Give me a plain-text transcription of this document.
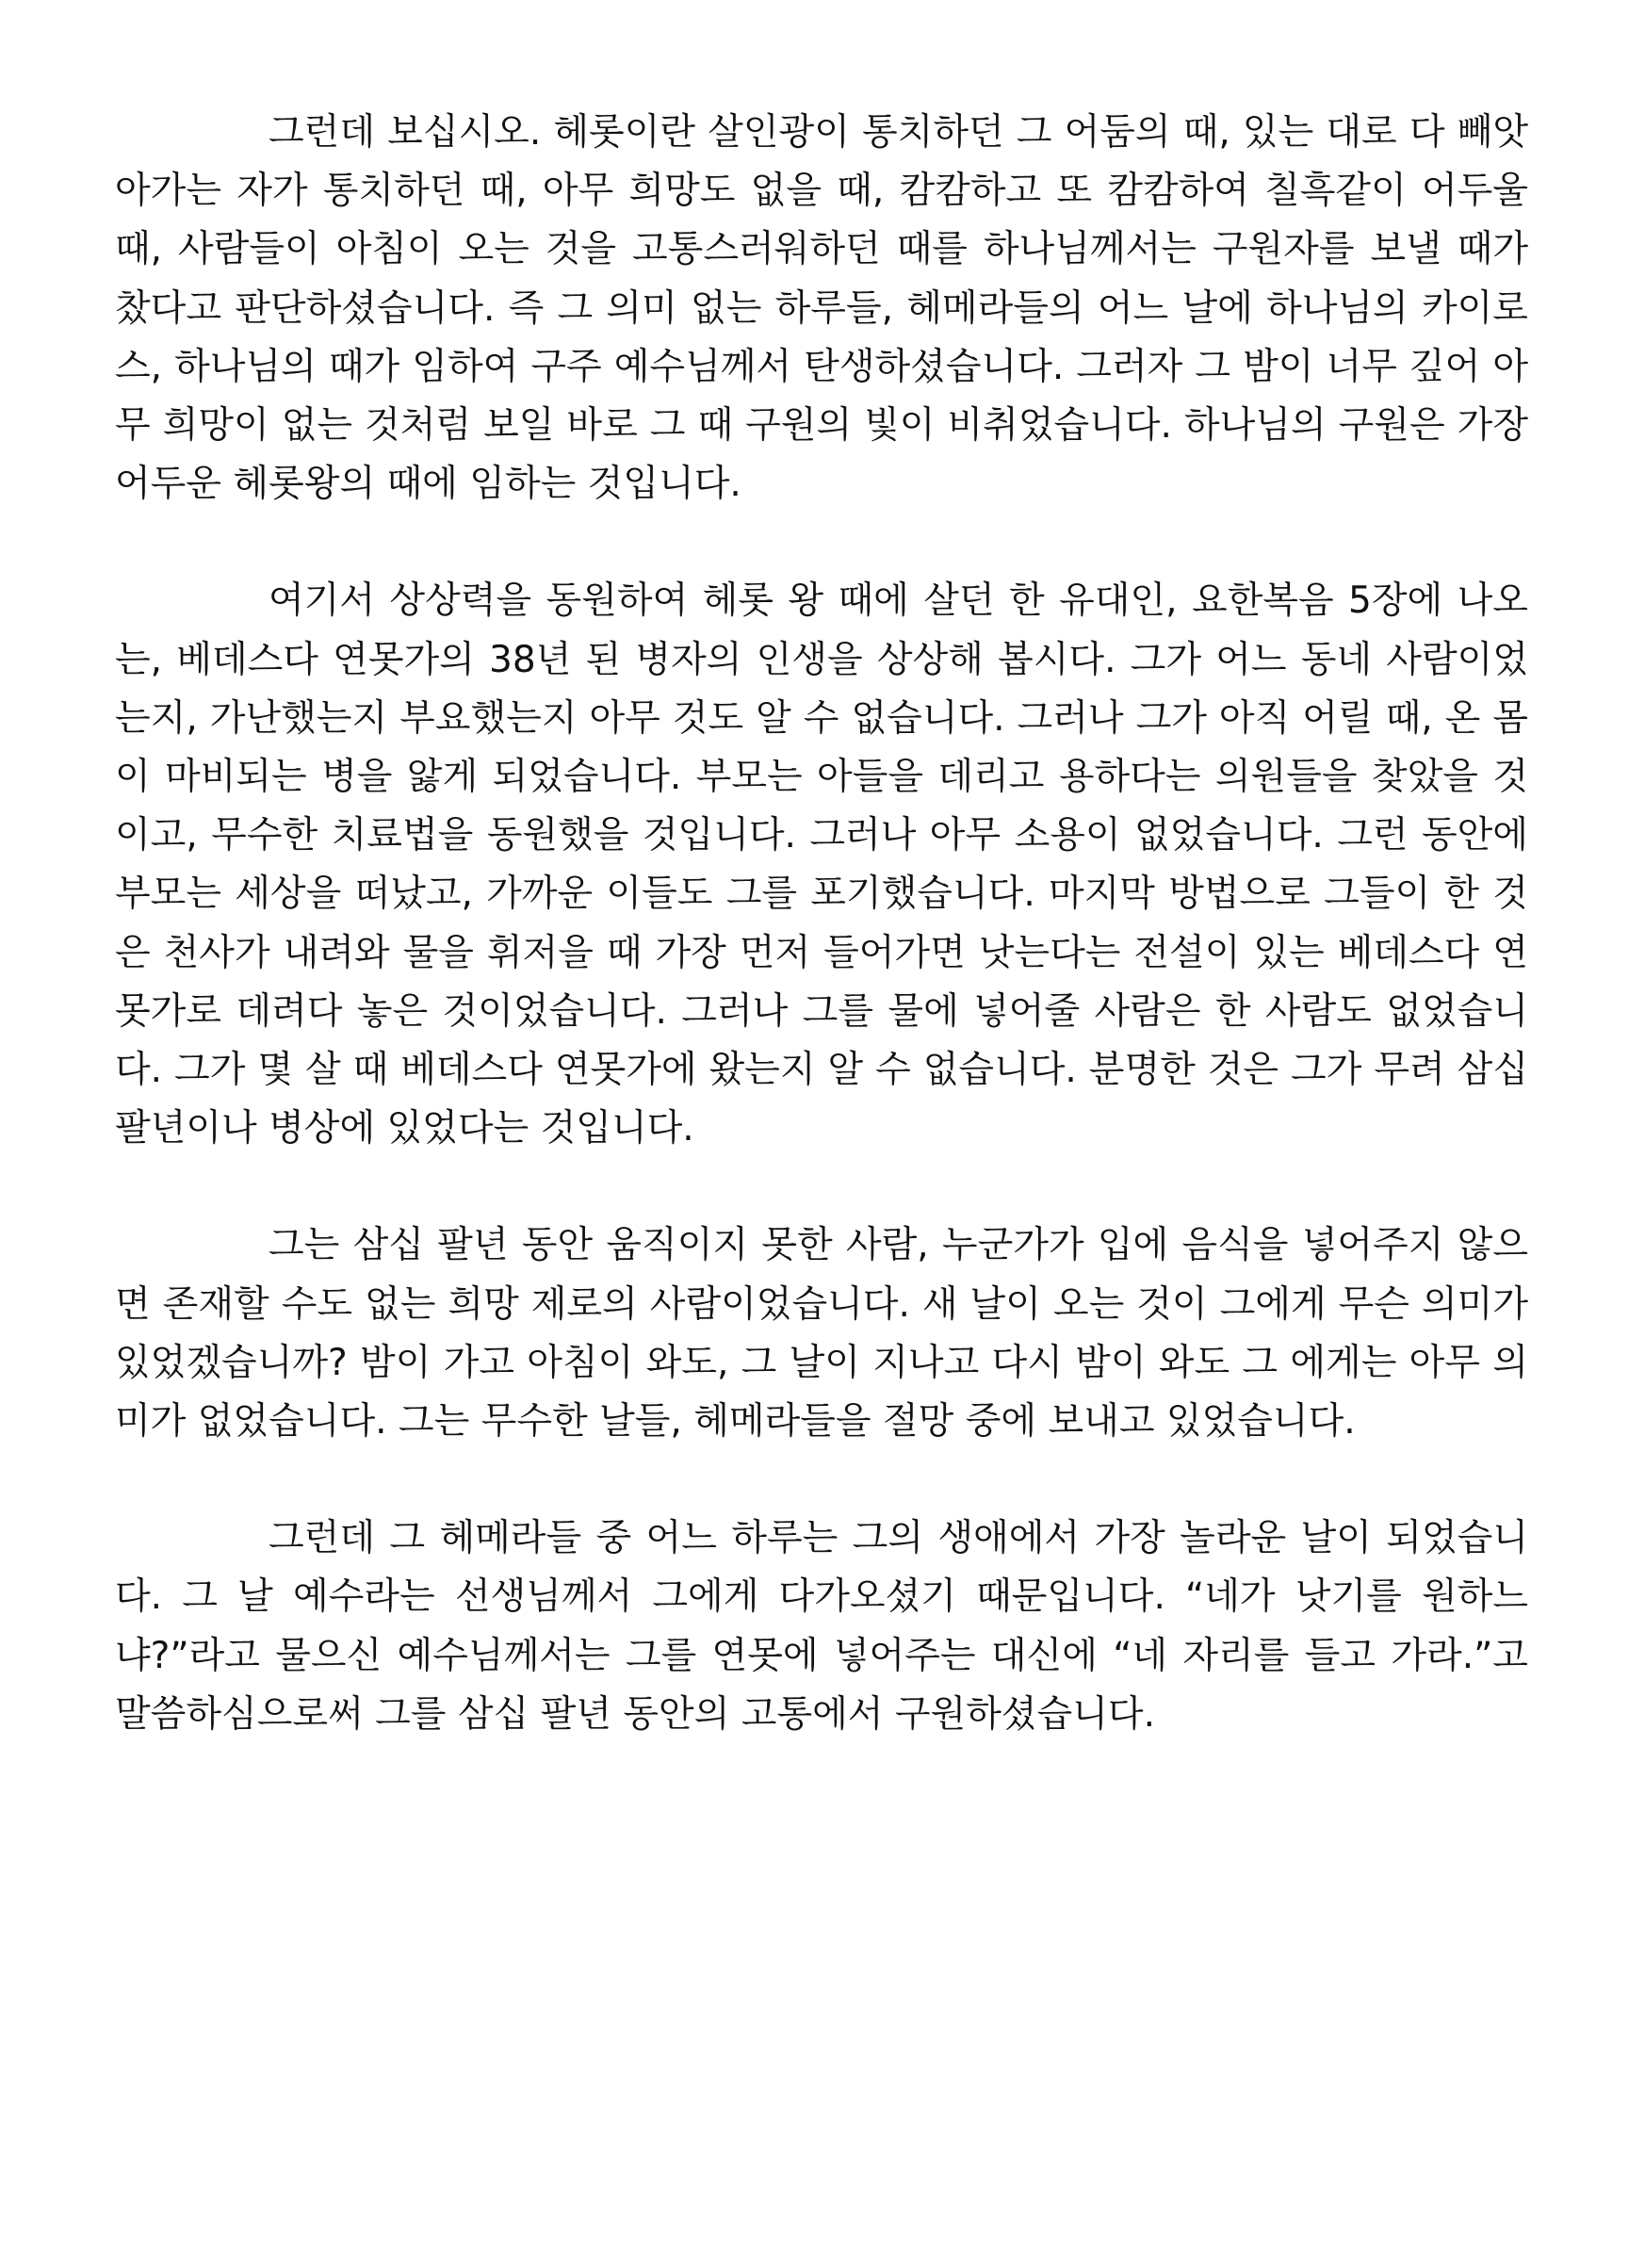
그런데 보십시오. 헤롯이란 살인광이 통치하던 그 어둠의 때, 있는 대로 다 빼앗아가는 자가 통치하던 때, 아무 희망도 없을 때, 캄캄하고 또 캄캄하여 칠흑같이 어두울 때, 사람들이 아침이 오는 것을 고통스러워하던 때를 하나님께서는 구원자를 보낼 때가 찼다고 판단하셨습니다. 즉 그 의미 없는 하루들, 헤메라들의 어느 날에 하나님의 카이로스, 하나님의 때가 임하여 구주 예수님께서 탄생하셨습니다. 그러자 그 밤이 너무 깊어 아무 희망이 없는 것처럼 보일 바로 그 때 구원의 빛이 비취었습니다. 하나님의 구원은 가장 어두운 헤롯왕의 때에 임하는 것입니다.

여기서 상상력을 동원하여 헤롯 왕 때에 살던 한 유대인, 요한복음 5장에 나오는, 베데스다 연못가의 38년 된 병자의 인생을 상상해 봅시다. 그가 어느 동네 사람이었는지, 가난했는지 부요했는지 아무 것도 알 수 없습니다. 그러나 그가 아직 어릴 때, 온 몸이 마비되는 병을 앓게 되었습니다. 부모는 아들을 데리고 용하다는 의원들을 찾았을 것이고, 무수한 치료법을 동원했을 것입니다. 그러나 아무 소용이 없었습니다. 그런 동안에 부모는 세상을 떠났고, 가까운 이들도 그를 포기했습니다. 마지막 방법으로 그들이 한 것은 천사가 내려와 물을 휘저을 때 가장 먼저 들어가면 낫는다는 전설이 있는 베데스다 연못가로 데려다 놓은 것이었습니다. 그러나 그를 물에 넣어줄 사람은 한 사람도 없었습니다. 그가 몇 살 때 베데스다 연못가에 왔는지 알 수 없습니다. 분명한 것은 그가 무려 삼십 팔년이나 병상에 있었다는 것입니다.

그는 삼십 팔년 동안 움직이지 못한 사람, 누군가가 입에 음식을 넣어주지 않으면 존재할 수도 없는 희망 제로의 사람이었습니다. 새 날이 오는 것이 그에게 무슨 의미가 있었겠습니까? 밤이 가고 아침이 와도, 그 날이 지나고 다시 밤이 와도 그 에게는 아무 의미가 없었습니다. 그는 무수한 날들, 헤메라들을 절망 중에 보내고 있었습니다.

그런데 그 헤메라들 중 어느 하루는 그의 생애에서 가장 놀라운 날이 되었습니다. 그 날 예수라는 선생님께서 그에게 다가오셨기 때문입니다. “네가 낫기를 원하느냐?”라고 물으신 예수님께서는 그를 연못에 넣어주는 대신에 “네 자리를 들고 가라.”고 말씀하심으로써 그를 삼십 팔년 동안의 고통에서 구원하셨습니다.
